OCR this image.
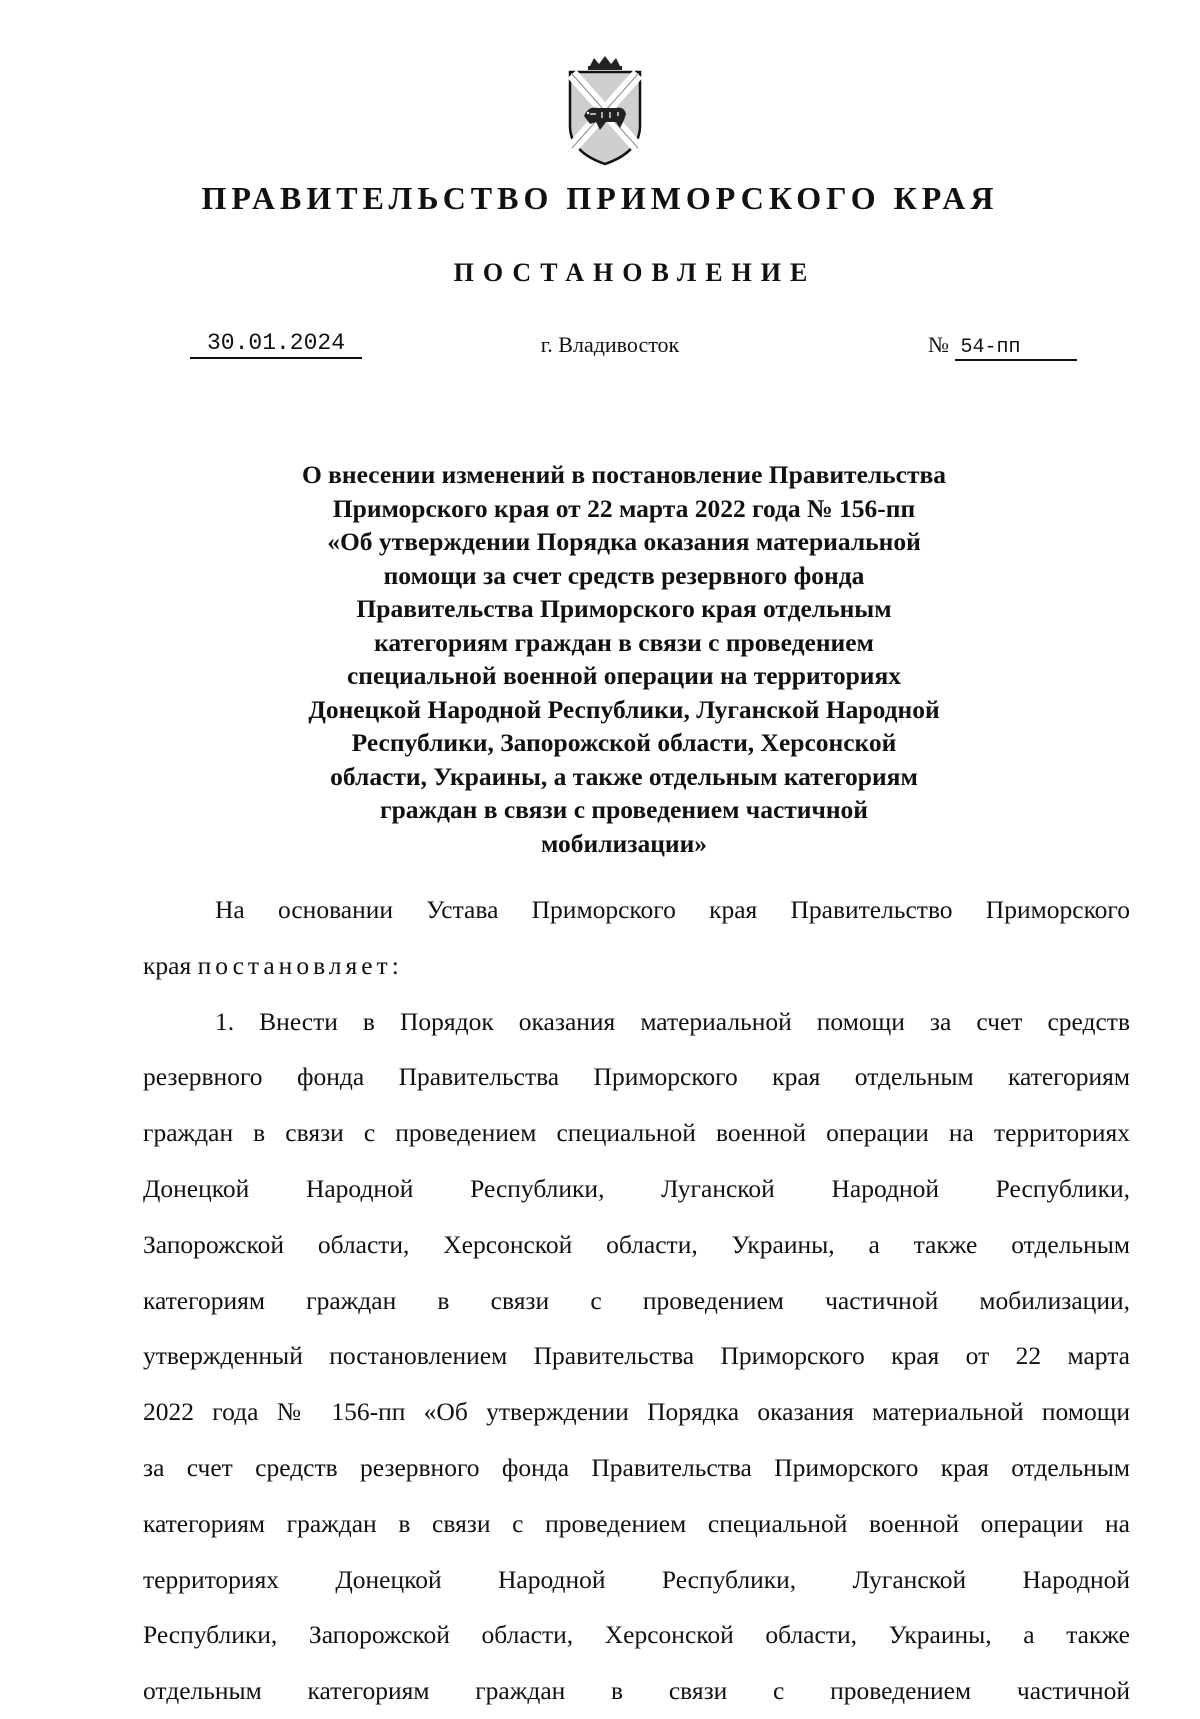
ПРАВИТЕЛЬСТВО ПРИМОРСКОГО КРАЯ
ПОСТАНОВЛЕНИЕ
30.01.2024	г. Владивосток	№ 54-пп
О внесении изменений в постановление Правительства
Приморского края от 22 марта 2022 года № 156-пп
«Об утверждении Порядка оказания материальной
помощи за счет средств резервного фонда
Правительства Приморского края отдельным
категориям граждан в связи с проведением
специальной военной операции на территориях
Донецкой Народной Республики, Луганской Народной
Республики, Запорожской области, Херсонской
области, Украины, а также отдельным категориям
граждан в связи с проведением частичной
мобилизации»
На основании Устава Приморского края Правительство Приморского
края постановляет:
1. Внести в Порядок оказания материальной помощи за счет средств
резервного фонда Правительства Приморского края отдельным категориям
граждан в связи с проведением специальной военной операции на территориях
Донецкой Народной Республики, Луганской Народной Республики,
Запорожской области, Херсонской области, Украины, а также отдельным
категориям граждан в связи с проведением частичной мобилизации,
утвержденный постановлением Правительства Приморского края от 22 марта
2022 года № 156-пп «Об утверждении Порядка оказания материальной помощи
за счет средств резервного фонда Правительства Приморского края отдельным
категориям граждан в связи с проведением специальной военной операции на
территориях Донецкой Народной Республики, Луганской Народной
Республики, Запорожской области, Херсонской области, Украины, а также
отдельным категориям граждан в связи с проведением частичной
